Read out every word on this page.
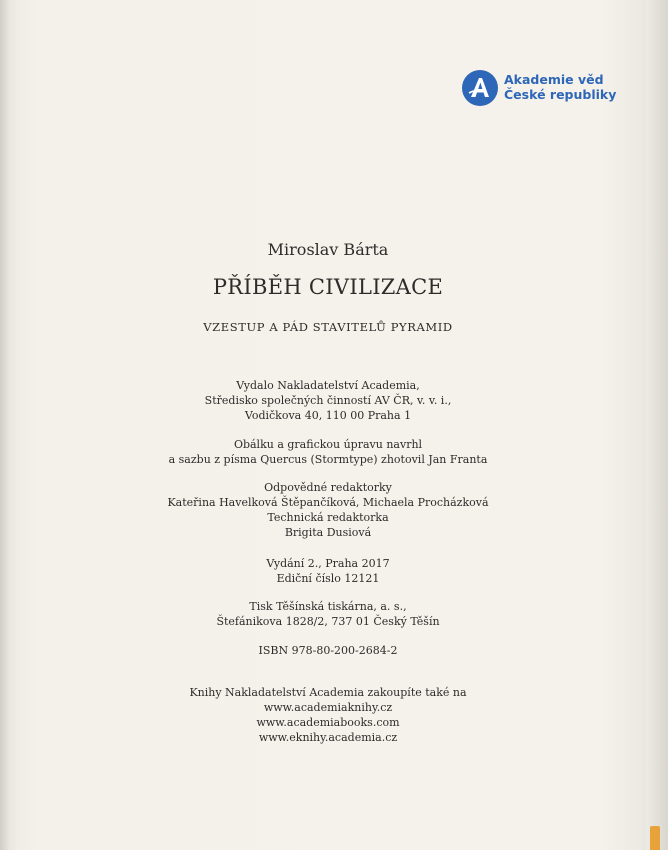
Akademie věd
České republiky

Miroslav Bárta

PŘÍBĚH CIVILIZACE

VZESTUP A PÁD STAVITELŮ PYRAMID

Vydalo Nakladatelství Academia,
Středisko společných činností AV ČR, v. v. i.,
Vodičkova 40, 110 00 Praha 1
Obálku a grafickou úpravu navrhl
a sazbu z písma Quercus (Stormtype) zhotovil Jan Franta
Odpovědné redaktorky
Kateřina Havelková Štěpančíková, Michaela Procházková
Technická redaktorka
Brigita Dusiová
Vydání 2., Praha 2017
Ediční číslo 12121
Tisk Těšínská tiskárna, a. s.,
Štefánikova 1828/2, 737 01 Český Těšín
ISBN 978-80-200-2684-2
Knihy Nakladatelství Academia zakoupíte také na
www.academiaknihy.cz
www.academiabooks.com
www.eknihy.academia.cz
